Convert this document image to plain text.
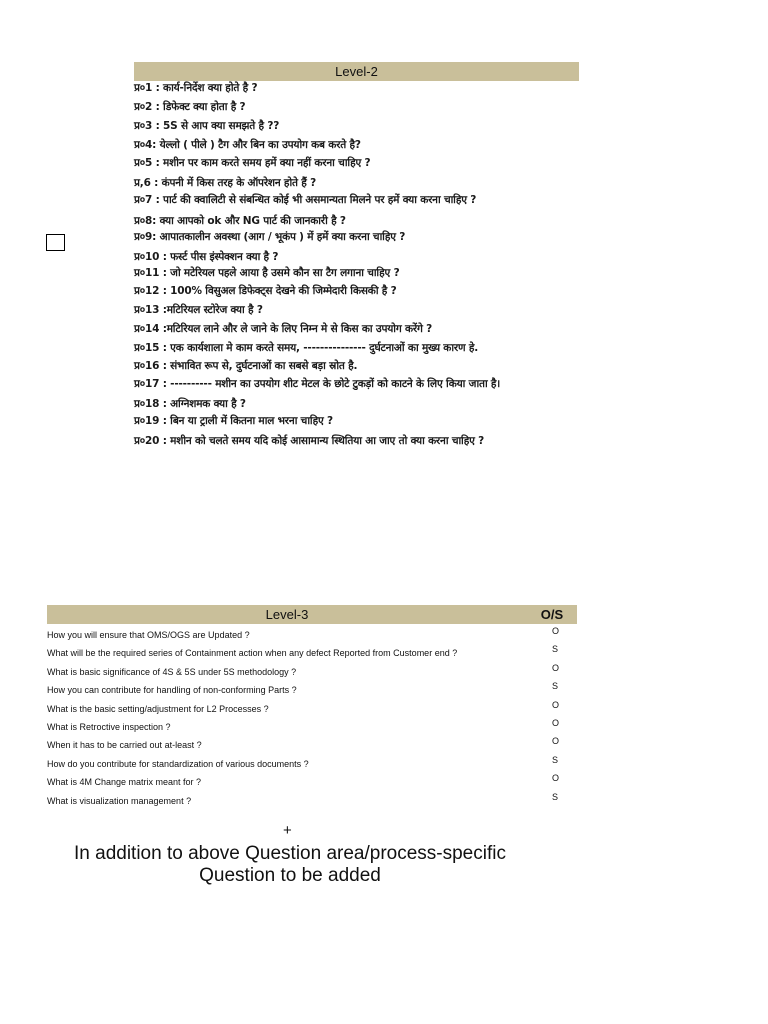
Level-2
प्र०1 : कार्य-निर्देश क्या होते है ?
प्र०2 : डिफेक्ट क्या होता है ?
प्र०3 : 5S से आप क्या समझते है ??
प्र०4: येल्लो ( पीले ) टैग और बिन का उपयोग कब करते है?
प्र०5 : मशीन पर काम करते समय हमें क्या नहीं करना चाहिए ?
प्र,6 : कंपनी में किस तरह के ऑपरेशन होते हैं ?
प्र०7 : पार्ट की क्वालिटी से संबन्धित कोई भी असमान्यता मिलने पर हमें क्या करना चाहिए ?
प्र०8: क्या आपको ok और NG पार्ट की जानकारी है ?
प्र०9: आपातकालीन अवस्था (आग / भूकंप ) में हमें क्या करना चाहिए ?
प्र०10 : फर्स्ट पीस इंस्पेक्शन क्या है ?
प्र०11 : जो मटेरियल पहले आया है उसमे कौन सा टैग लगाना चाहिए ?
प्र०12 : 100% विसुअल डिफेक्ट्स देखने की जिम्मेदारी किसकी है ?
प्र०13 :मटिरियल स्टोरेज क्या है ?
प्र०14 :मटिरियल लाने और ले जाने के लिए निम्न मे से किस का उपयोग करेंगे ?
प्र०15 : एक कार्यशाला मे काम करते समय, --------------- दुर्घटनाओं का मुख्य कारण हे.
प्र०16 : संभावित रूप से, दुर्घटनाओं का सबसे बड़ा स्रोत है.
प्र०17 : ---------- मशीन का उपयोग शीट मेटल के छोटे टुकड़ों को काटने के लिए किया जाता है।
प्र०18 : अग्निशमक क्या है ?
प्र०19 : बिन या ट्राली में कितना माल भरना चाहिए ?
प्र०20 : मशीन को चलते समय यदि कोई आसामान्य स्थितिया आ जाए तो क्या करना चाहिए ?
Level-3	O/S
How you will ensure that OMS/OGS are Updated ?	O
What will be the required series of Containment action when any defect Reported from Customer end ?	S
What is basic significance of 4S & 5S under 5S methodology ?	O
How you can contribute for handling of non-conforming Parts ?	S
What is the basic setting/adjustment for L2 Processes ?	O
What is Retroctive inspection ?	O
When it has to be carried out at-least ?	O
How do you contribute for standardization of various documents ?	S
What is 4M Change matrix meant for ?	O
What is visualization management ?	S
+
In addition to above Question area/process-specific
Question to be added
